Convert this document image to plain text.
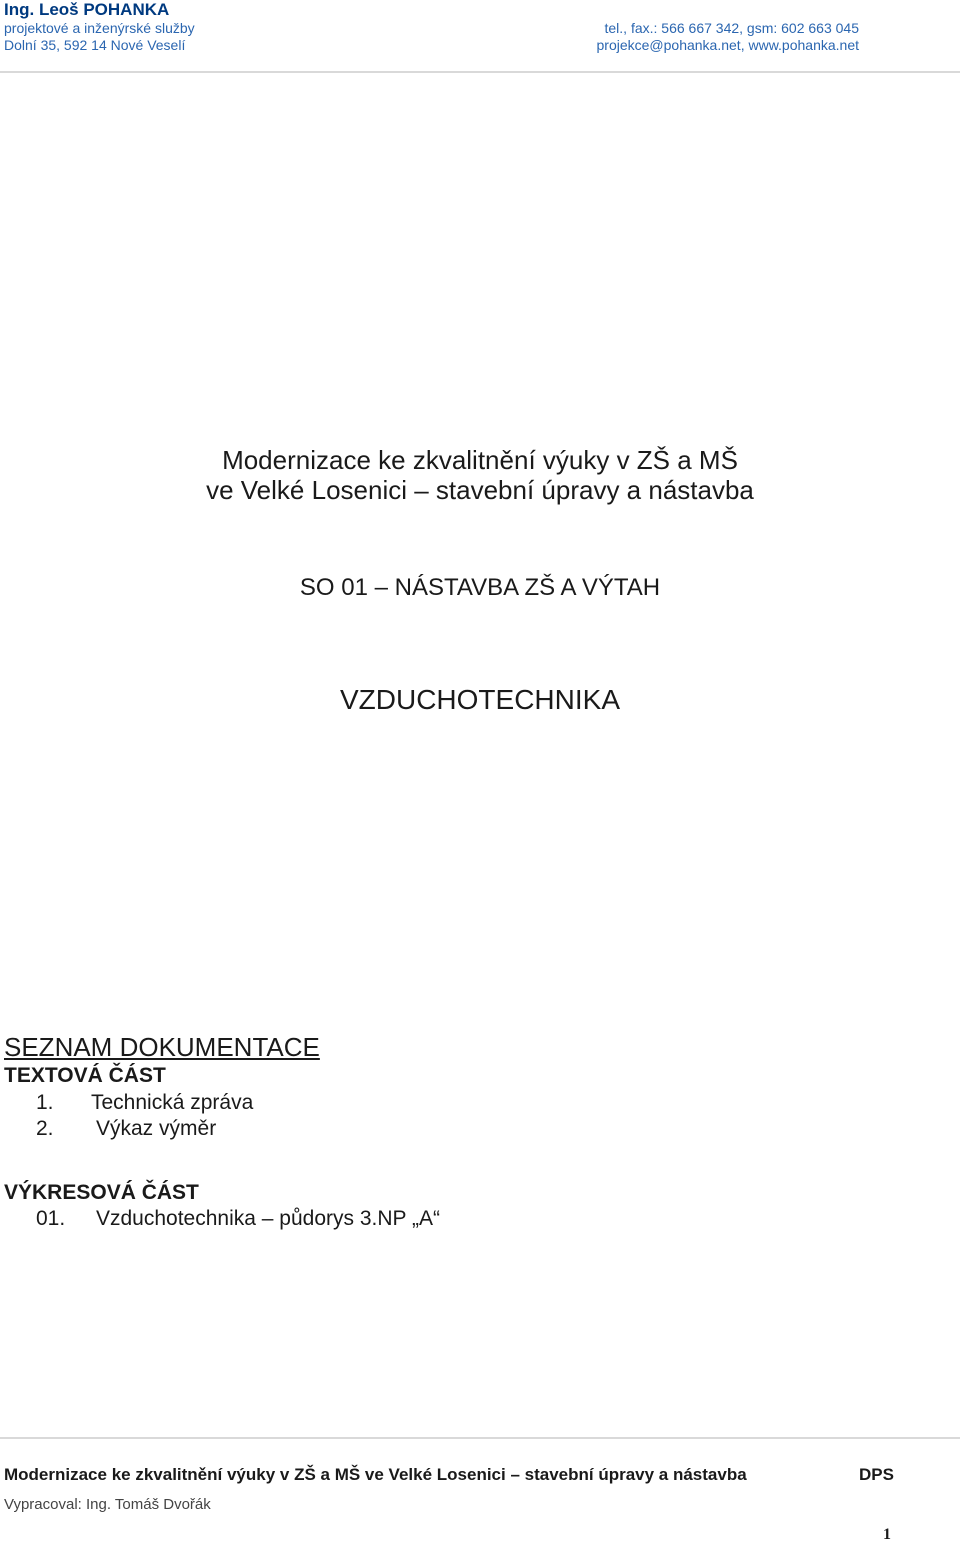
Ing. Leoš POHANKA
projektové a inženýrské služby
Dolní 35, 592 14 Nové Veselí
tel., fax.: 566 667 342, gsm: 602 663 045
projekce@pohanka.net, www.pohanka.net
Modernizace ke zkvalitnění výuky v ZŠ a MŠ
ve Velké Losenici – stavební úpravy a nástavba
SO 01 – NÁSTAVBA ZŠ A VÝTAH
VZDUCHOTECHNIKA
SEZNAM DOKUMENTACE
TEXTOVÁ ČÁST
1. Technická zpráva
2. Výkaz výměr
VÝKRESOVÁ ČÁST
01. Vzduchotechnika – půdorys 3.NP „A“
Modernizace ke zkvalitnění výuky v ZŠ a MŠ ve Velké Losenici – stavební úpravy a nástavba	DPS
Vypracoval: Ing. Tomáš Dvořák
1
